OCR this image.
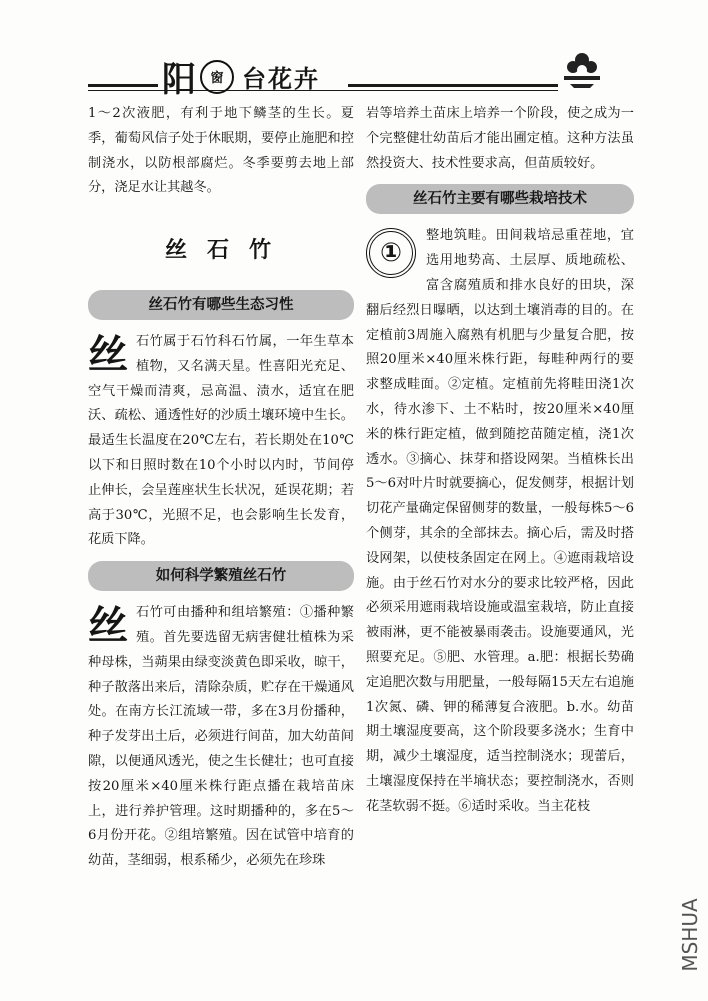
阳	窗 台花卉

1～2次液肥，有利于地下鳞茎的生长。夏季，葡萄风信子处于休眠期，要停止施肥和控制浇水，以防根部腐烂。冬季要剪去地上部分，浇足水让其越冬。

丝石竹
丝石竹有哪些生态习性

丝石竹属于石竹科石竹属，一年生草本植物，又名满天星。性喜阳光充足、空气干燥而清爽，忌高温、渍水，适宜在肥沃、疏松、通透性好的沙质土壤环境中生长。最适生长温度在20℃左右，若长期处在10℃以下和日照时数在10个小时以内时，节间停止伸长，会呈莲座状生长状况，延误花期；若高于30℃，光照不足，也会影响生长发育，花质下降。

如何科学繁殖丝石竹

丝石竹可由播种和组培繁殖：①播种繁殖。首先要选留无病害健壮植株为采种母株，当蒴果由绿变淡黄色即采收，晾干，种子散落出来后，清除杂质，贮存在干燥通风处。在南方长江流域一带，多在3月份播种，种子发芽出土后，必须进行间苗，加大幼苗间隙，以便通风透光，使之生长健壮；也可直接按20厘米×40厘米株行距点播在栽培苗床上，进行养护管理。这时期播种的，多在5～6月份开花。②组培繁殖。因在试管中培育的幼苗，茎细弱，根系稀少，必须先在珍珠

岩等培养土苗床上培养一个阶段，使之成为一个完整健壮幼苗后才能出圃定植。这种方法虽然投资大、技术性要求高，但苗质较好。

丝石竹主要有哪些栽培技术

①
整地筑畦。田间栽培忌重茬地，宜选用地势高、土层厚、质地疏松、富含腐殖质和排水良好的田块，深翻后经烈日曝晒，以达到土壤消毒的目的。在定植前3周施入腐熟有机肥与少量复合肥，按照20厘米×40厘米株行距，每畦种两行的要求整成畦面。②定植。定植前先将畦田浇1次水，待水渗下、土不粘时，按20厘米×40厘米的株行距定植，做到随挖苗随定植，浇1次透水。③摘心、抹芽和搭设网架。当植株长出5～6对叶片时就要摘心，促发侧芽，根据计划切花产量确定保留侧芽的数量，一般每株5～6个侧芽，其余的全部抹去。摘心后，需及时搭设网架，以使枝条固定在网上。④遮雨栽培设施。由于丝石竹对水分的要求比较严格，因此必须采用遮雨栽培设施或温室栽培，防止直接被雨淋，更不能被暴雨袭击。设施要通风，光照要充足。⑤肥、水管理。a.肥：根据长势确定追肥次数与用肥量，一般每隔15天左右追施1次氮、磷、钾的稀薄复合液肥。b.水。幼苗期土壤湿度要高，这个阶段要多浇水；生育中期，减少土壤湿度，适当控制浇水；现蕾后，土壤湿度保持在半墒状态；要控制浇水，否则花茎软弱不挺。⑥适时采收。当主花枝

MSHUA
